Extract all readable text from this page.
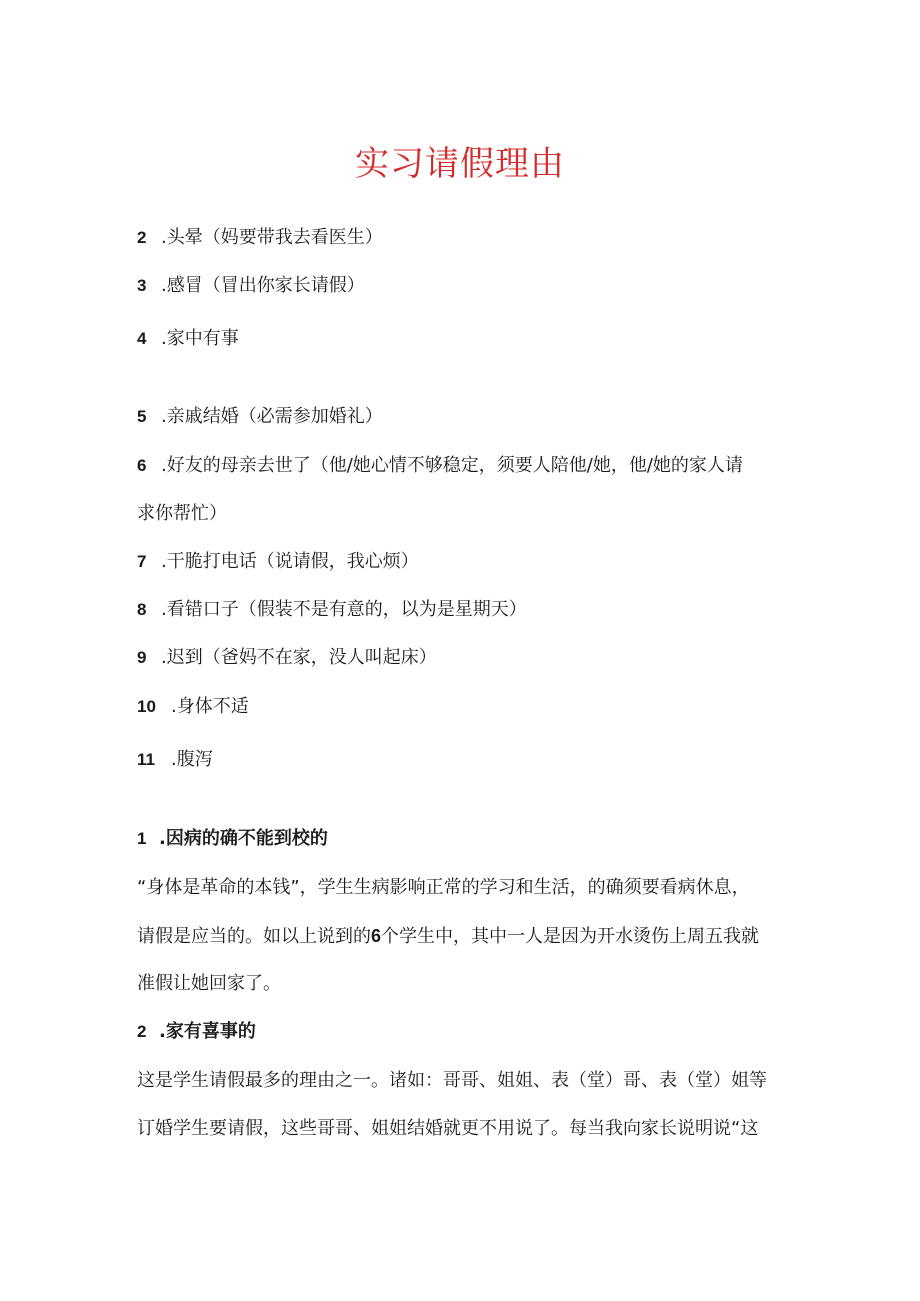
实习请假理由
2 .头晕（妈要带我去看医生）
3 .感冒（冒出你家长请假）
4 .家中有事
5 .亲戚结婚（必需参加婚礼）
6 .好友的母亲去世了（他/她心情不够稳定，须要人陪他/她，他/她的家人请
求你帮忙）
7 .干脆打电话（说请假，我心烦）
8 .看错口子（假装不是有意的，以为是星期天）
9 .迟到（爸妈不在家，没人叫起床）
10 .身体不适
11 .腹泻
1 .因病的确不能到校的
“身体是革命的本钱”，学生生病影响正常的学习和生活，的确须要看病休息，
请假是应当的。如以上说到的6个学生中，其中一人是因为开水烫伤上周五我就
准假让她回家了。
2 .家有喜事的
这是学生请假最多的理由之一。诸如：哥哥、姐姐、表（堂）哥、表（堂）姐等
订婚学生要请假，这些哥哥、姐姐结婚就更不用说了。每当我向家长说明说“这
